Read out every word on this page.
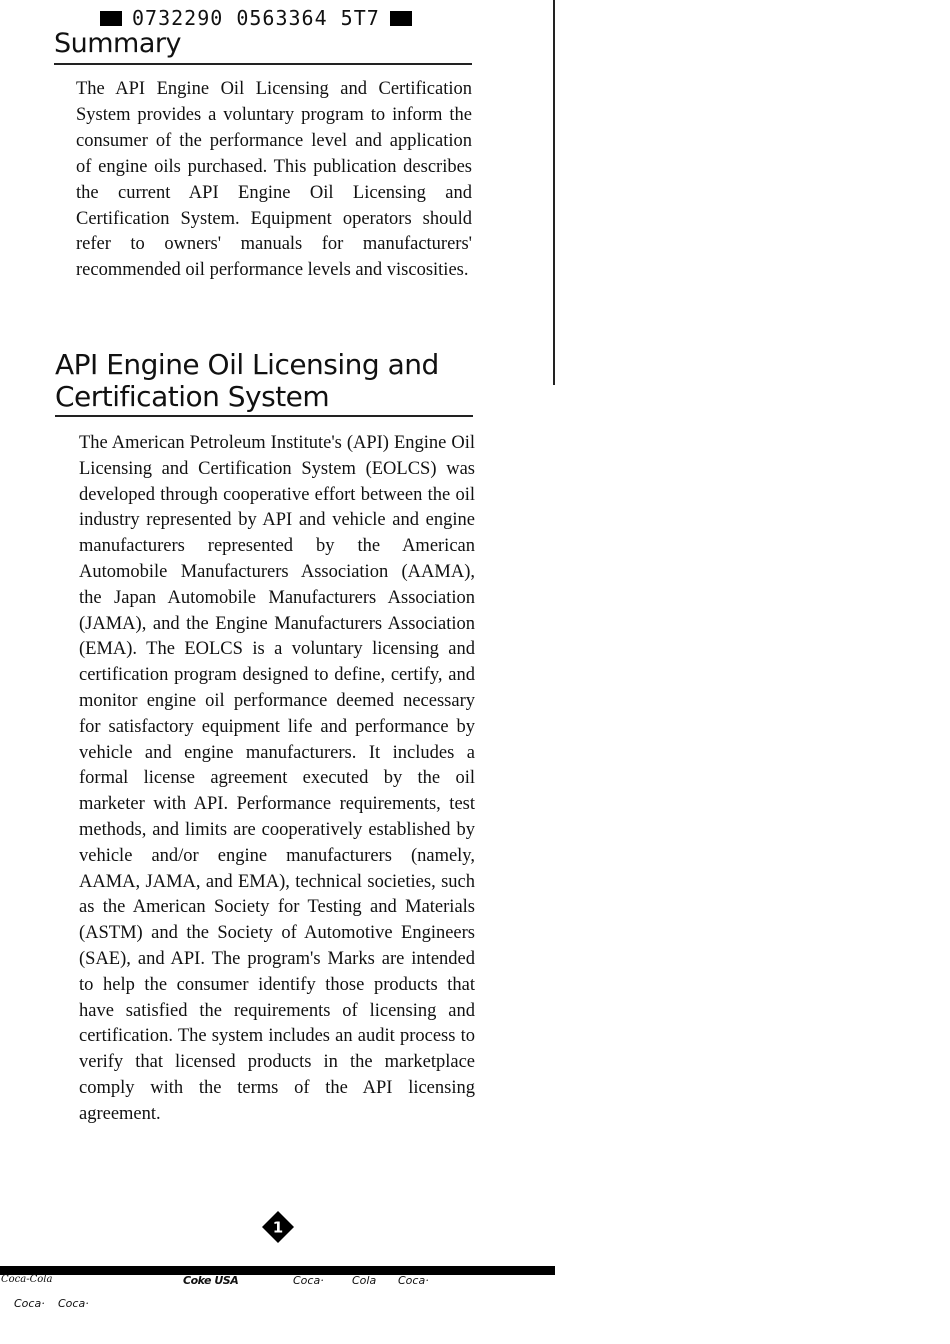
0732290 0563364 5T7
Summary

The API Engine Oil Licensing and Certification System provides a voluntary program to inform the consumer of the performance level and application of engine oils purchased. This publication describes the current API Engine Oil Licensing and Certification System. Equipment operators should refer to owners' manuals for manufacturers' recommended oil performance levels and viscosities.

API Engine Oil Licensing and Certification System

The American Petroleum Institute's (API) Engine Oil Licensing and Certification System (EOLCS) was developed through cooperative effort between the oil industry represented by API and vehicle and engine manufacturers represented by the American Automobile Manufacturers Association (AAMA), the Japan Automobile Manufacturers Association (JAMA), and the Engine Manufacturers Association (EMA). The EOLCS is a voluntary licensing and certification program designed to define, certify, and monitor engine oil performance deemed necessary for satisfactory equipment life and performance by vehicle and engine manufacturers. It includes a formal license agreement executed by the oil marketer with API. Performance requirements, test methods, and limits are cooperatively established by vehicle and/or engine manufacturers (namely, AAMA, JAMA, and EMA), technical societies, such as the American Society for Testing and Materials (ASTM) and the Society of Automotive Engineers (SAE), and API. The program's Marks are intended to help the consumer identify those products that have satisfied the requirements of licensing and certification. The system includes an audit process to verify that licensed products in the marketplace comply with the terms of the API licensing agreement.

1
Coca-Cola	Coke USA	Coca·	Cola Coca·
Coca· Coca·
